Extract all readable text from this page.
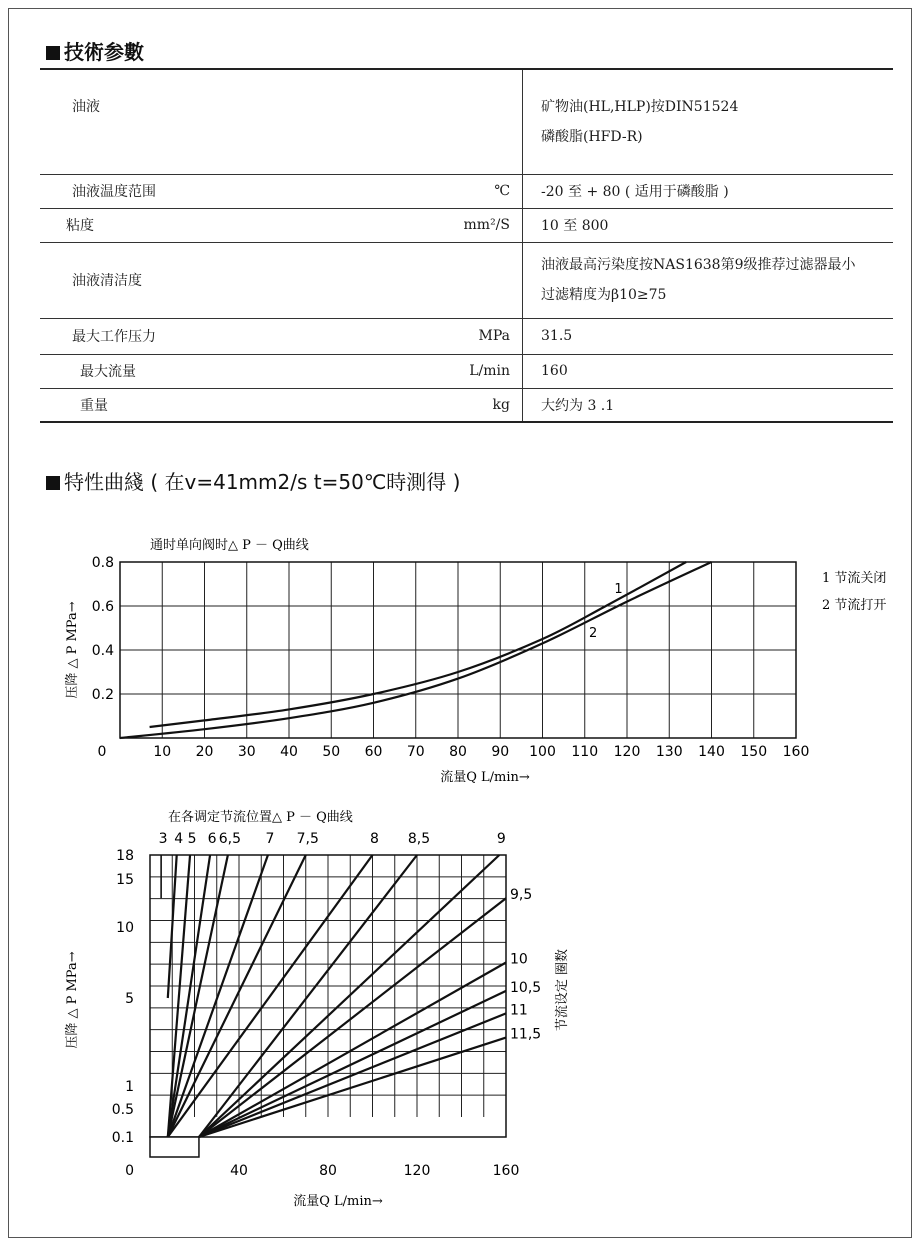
技術参數
油液		矿物油(HL,HLP)按DIN51524
磷酸脂(HFD-R)

油液温度范围	℃	-20 至 + 80 ( 适用于磷酸脂 )
粘度	mm²/S	10 至 800
油液清洁度		油液最高污染度按NAS1638第9级推荐过滤器最小
过滤精度为β10≥75

最大工作压力	MPa	31.5
最大流量	L/min	160
重量	kg	大约为 3 .1
特性曲綫 ( 在v=41mm2/s t=50℃時測得 )
通时单向阀时△ P － Q曲线
0	10 20 30 40 50 60 70 80 90 100 110 120 130 140 150 160
0.2
0.4
0.6
0.8
流量Q L/min→
压降 △ P MPa→
1
2
1 节流关闭
2 节流打开
在各调定节流位置△ P － Q曲线
0.1
0.5
1
5
10
15
18
0	40	80	120	160
流量Q L/min→
压降 △ P MPa→	节流设定 圈数
3 4 5 6 6,5 7 7,5	8 8,5	9
9,5
10
10,5
11
11,5
